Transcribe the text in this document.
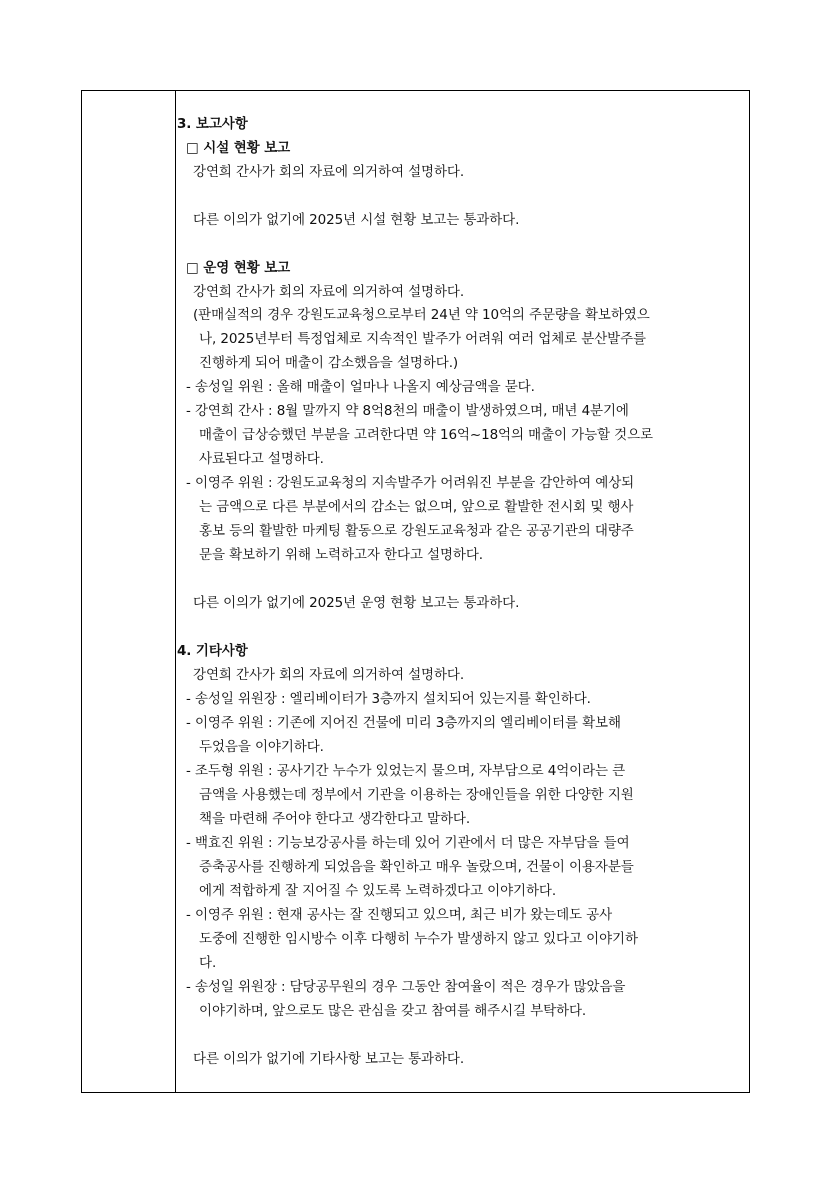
3. 보고사항
□ 시설 현황 보고
강연희 간사가 회의 자료에 의거하여 설명하다.
다른 이의가 없기에 2025년 시설 현황 보고는 통과하다.
□ 운영 현황 보고
강연희 간사가 회의 자료에 의거하여 설명하다.
(판매실적의 경우 강원도교육청으로부터 24년 약 10억의 주문량을 확보하였으
나, 2025년부터 특정업체로 지속적인 발주가 어려워 여러 업체로 분산발주를
진행하게 되어 매출이 감소했음을 설명하다.)
- 송성일 위원 : 올해 매출이 얼마나 나올지 예상금액을 묻다.
- 강연희 간사 : 8월 말까지 약 8억8천의 매출이 발생하였으며, 매년 4분기에
매출이 급상승했던 부분을 고려한다면 약 16억~18억의 매출이 가능할 것으로
사료된다고 설명하다.
- 이영주 위원 : 강원도교육청의 지속발주가 어려워진 부분을 감안하여 예상되
는 금액으로 다른 부분에서의 감소는 없으며, 앞으로 활발한 전시회 및 행사
홍보 등의 활발한 마케팅 활동으로 강원도교육청과 같은 공공기관의 대량주
문을 확보하기 위해 노력하고자 한다고 설명하다.
다른 이의가 없기에 2025년 운영 현황 보고는 통과하다.
4. 기타사항
강연희 간사가 회의 자료에 의거하여 설명하다.
- 송성일 위원장 : 엘리베이터가 3층까지 설치되어 있는지를 확인하다.
- 이영주 위원 : 기존에 지어진 건물에 미리 3층까지의 엘리베이터를 확보해
두었음을 이야기하다.
- 조두형 위원 : 공사기간 누수가 있었는지 물으며, 자부담으로 4억이라는 큰
금액을 사용했는데 정부에서 기관을 이용하는 장애인들을 위한 다양한 지원
책을 마련해 주어야 한다고 생각한다고 말하다.
- 백효진 위원 : 기능보강공사를 하는데 있어 기관에서 더 많은 자부담을 들여
증축공사를 진행하게 되었음을 확인하고 매우 놀랐으며, 건물이 이용자분들
에게 적합하게 잘 지어질 수 있도록 노력하겠다고 이야기하다.
- 이영주 위원 : 현재 공사는 잘 진행되고 있으며, 최근 비가 왔는데도 공사
도중에 진행한 임시방수 이후 다행히 누수가 발생하지 않고 있다고 이야기하
다.
- 송성일 위원장 : 담당공무원의 경우 그동안 참여율이 적은 경우가 많았음을
이야기하며, 앞으로도 많은 관심을 갖고 참여를 해주시길 부탁하다.
다른 이의가 없기에 기타사항 보고는 통과하다.
